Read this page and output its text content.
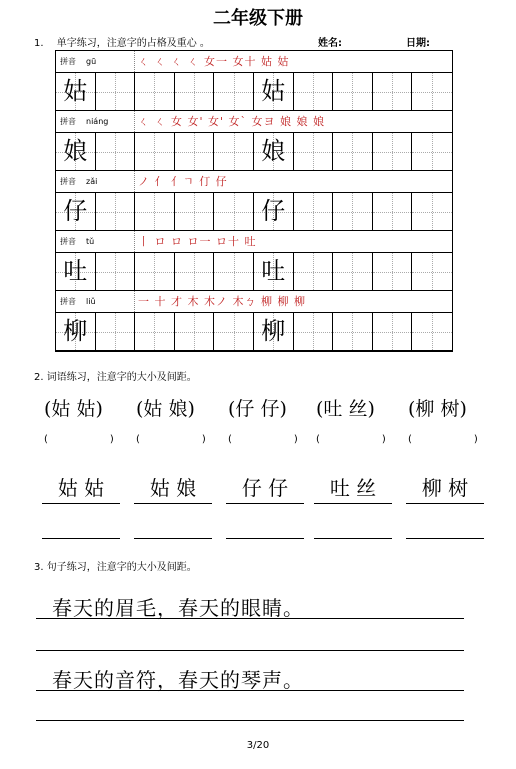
二年级下册
1. 单字练习，注意字的占格及重心 。	姓名:	日期:
拼音 gū	ㄑ ㄑ ㄑ ㄑ 女一 女十 姑 姑
姑	姑
拼音 niáng	ㄑ ㄑ 女 女' 女' 女ˋ 女ヨ 娘 娘 娘
娘	娘
拼音 zǎi	ノ 亻 亻ㄱ 仃 仔
仔	仔
拼音 tǔ	丨 ロ ロ ロ一 ロ十 吐
吐	吐
拼音 liǔ	一 十 才 木 木ノ 木ㄅ 柳 柳 柳
柳	柳
2. 词语练习，注意字的大小及间距。
(姑 姑)
(	)
姑 姑
(姑 娘)
(	)
姑 娘
(仔 仔)
(	)
仔 仔
(吐 丝)
(	)
吐 丝
(柳 树)
(	)
柳 树
3. 句子练习，注意字的大小及间距。
春天的眉毛，春天的眼睛。
春天的音符，春天的琴声。
3/20
